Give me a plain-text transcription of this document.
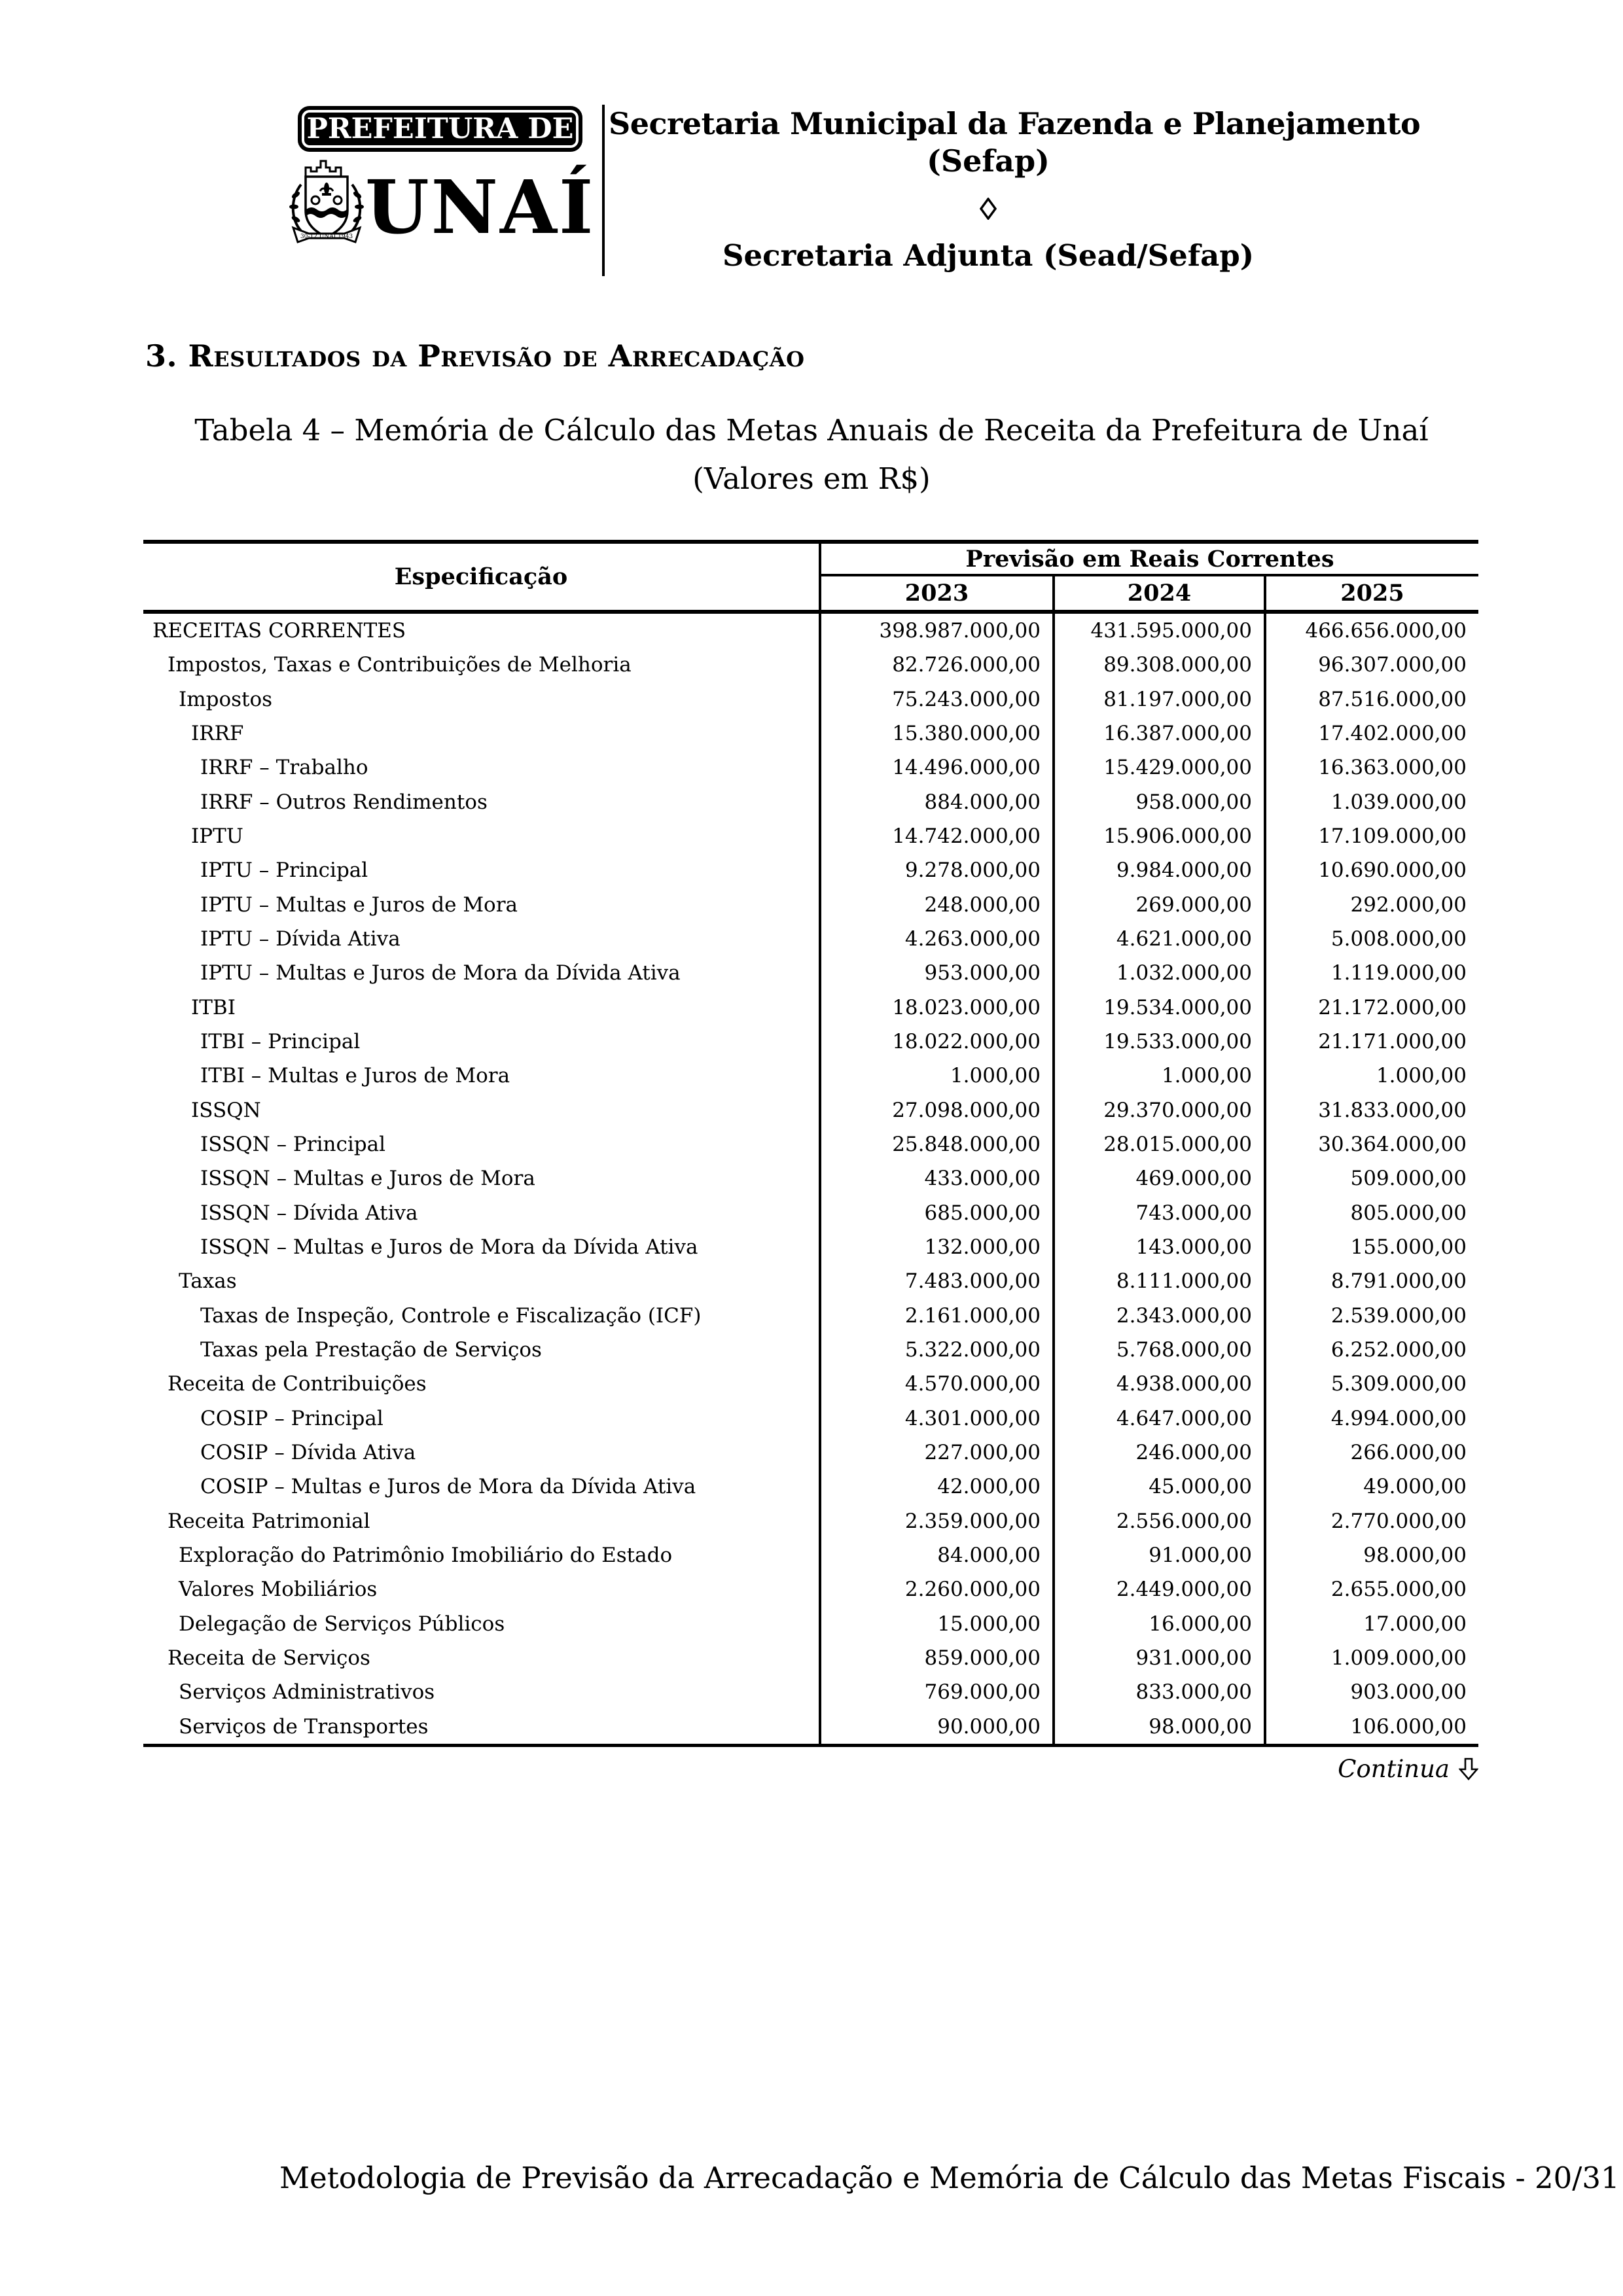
PREFEITURA DE
30-12 UNAÍ 1943 UNAÍ
Secretaria Municipal da Fazenda e Planejamento
(Sefap)
Secretaria Adjunta (Sead/Sefap)
3. Resultados da Previsão de Arrecadação
Tabela 4 – Memória de Cálculo das Metas Anuais de Receita da Prefeitura de Unaí
(Valores em R$)
Especificação	Previsão em Reais Correntes		
	2023	2024	2025
RECEITAS CORRENTES	398.987.000,00	431.595.000,00	466.656.000,00
Impostos, Taxas e Contribuições de Melhoria	82.726.000,00	89.308.000,00	96.307.000,00
Impostos	75.243.000,00	81.197.000,00	87.516.000,00
IRRF	15.380.000,00	16.387.000,00	17.402.000,00
IRRF – Trabalho	14.496.000,00	15.429.000,00	16.363.000,00
IRRF – Outros Rendimentos	884.000,00	958.000,00	1.039.000,00
IPTU	14.742.000,00	15.906.000,00	17.109.000,00
IPTU – Principal	9.278.000,00	9.984.000,00	10.690.000,00
IPTU – Multas e Juros de Mora	248.000,00	269.000,00	292.000,00
IPTU – Dívida Ativa	4.263.000,00	4.621.000,00	5.008.000,00
IPTU – Multas e Juros de Mora da Dívida Ativa	953.000,00	1.032.000,00	1.119.000,00
ITBI	18.023.000,00	19.534.000,00	21.172.000,00
ITBI – Principal	18.022.000,00	19.533.000,00	21.171.000,00
ITBI – Multas e Juros de Mora	1.000,00	1.000,00	1.000,00
ISSQN	27.098.000,00	29.370.000,00	31.833.000,00
ISSQN – Principal	25.848.000,00	28.015.000,00	30.364.000,00
ISSQN – Multas e Juros de Mora	433.000,00	469.000,00	509.000,00
ISSQN – Dívida Ativa	685.000,00	743.000,00	805.000,00
ISSQN – Multas e Juros de Mora da Dívida Ativa	132.000,00	143.000,00	155.000,00
Taxas	7.483.000,00	8.111.000,00	8.791.000,00
Taxas de Inspeção, Controle e Fiscalização (ICF)	2.161.000,00	2.343.000,00	2.539.000,00
Taxas pela Prestação de Serviços	5.322.000,00	5.768.000,00	6.252.000,00
Receita de Contribuições	4.570.000,00	4.938.000,00	5.309.000,00
COSIP – Principal	4.301.000,00	4.647.000,00	4.994.000,00
COSIP – Dívida Ativa	227.000,00	246.000,00	266.000,00
COSIP – Multas e Juros de Mora da Dívida Ativa	42.000,00	45.000,00	49.000,00
Receita Patrimonial	2.359.000,00	2.556.000,00	2.770.000,00
Exploração do Patrimônio Imobiliário do Estado	84.000,00	91.000,00	98.000,00
Valores Mobiliários	2.260.000,00	2.449.000,00	2.655.000,00
Delegação de Serviços Públicos	15.000,00	16.000,00	17.000,00
Receita de Serviços	859.000,00	931.000,00	1.009.000,00
Serviços Administrativos	769.000,00	833.000,00	903.000,00
Serviços de Transportes	90.000,00	98.000,00	106.000,00
Continua
Metodologia de Previsão da Arrecadação e Memória de Cálculo das Metas Fiscais - 20/31
